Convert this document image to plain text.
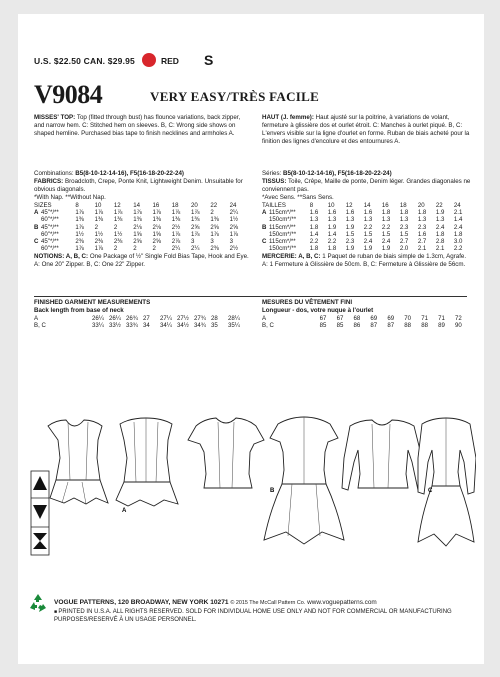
U.S. $22.50 CAN. $29.95	RED S
V9084	VERY EASY/TRÈS FACILE
MISSES' TOP: Top (fitted through bust) has flounce variations, back zipper, and narrow hem. C: Stitched hem on sleeves. B, C: Wrong side shows on shaped hemline. Purchased bias tape to finish necklines and armholes A.
HAUT (J. femme): Haut ajusté sur la poitrine, à variations de volant, fermeture à glissière dos et ourlet étroit. C: Manches à ourlet piqué. B, C: L'envers visible sur la ligne d'ourlet en forme. Ruban de biais acheté pour la finition des lignes d'encolure et des entournures A.
Combinations: B5(8-10-12-14-16), F5(16-18-20-22-24)
FABRICS: Broadcloth, Crepe, Ponte Knit, Lightweight Denim. Unsuitable for obvious diagonals.
*With Nap. **Without Nap.
SIZES	8	10	12	14	16	18	20	22	24
A 45"*/**	1⅞	1⅞	1⅞	1⅞	1⅞	1⅞	1⅞	2	2¼
60"*/**	1⅜	1⅜	1⅜	1⅜	1⅜	1⅜	1⅜	1⅜	1½
B 45"*/**	1⅞	2	2	2⅛	2⅛	2½	2⅝	2⅝	2⅝
60"*/**	1½	1½	1½	1⅝	1⅝	1⅞	1⅞	1⅞	1⅞
C 45"*/**	2⅜	2⅜	2⅜	2⅝	2⅝	2⅞	3	3	3
60"*/**	1⅞	1⅞	2	2	2	2¼	2¼	2⅜	2½
NOTIONS: A, B, C: One Package of ½" Single Fold Bias Tape, Hook and Eye. A: One 20" Zipper. B, C: One 22" Zipper.
Séries: B5(8-10-12-14-16), F5(16-18-20-22-24)
TISSUS: Toile, Crêpe, Maille de ponte, Denim léger. Grandes diagonales ne conviennent pas.
*Avec Sens. **Sans Sens.
TAILLES	8	10	12	14	16	18	20	22	24
A 115cm*/**	1.6	1.6	1.6	1.6	1.8	1.8	1.8	1.9	2.1
150cm*/**	1.3	1.3	1.3	1.3	1.3	1.3	1.3	1.3	1.4
B 115cm*/**	1.8	1.9	1.9	2.2	2.2	2.3	2.3	2.4	2.4
150cm*/**	1.4	1.4	1.5	1.5	1.5	1.5	1.6	1.8	1.8
C 115cm*/**	2.2	2.2	2.3	2.4	2.4	2.7	2.7	2.8	3.0
150cm*/**	1.8	1.8	1.9	1.9	1.9	2.0	2.1	2.1	2.2
MERCERIE: A, B, C: 1 Paquet de ruban de biais simple de 1.3cm, Agrafe. A: 1 Fermeture à Glissière de 50cm. B, C: Fermeture à Glissière de 56cm.
FINISHED GARMENT MEASUREMENTS
Back length from base of neck
A	26¼	26¼	26¾	27	27¼	27½	27¾	28	28¼
B, C	33¼	33½	33¾	34	34¼	34½	34¾	35	35¼
MESURES DU VÊTEMENT FINI
Longueur - dos, votre nuque à l'ourlet
A	67	67	68	69	69	70	71	71	72
B, C	85	85	86	87	87	88	88	89	90
A
B	C
VOGUE PATTERNS, 120 BROADWAY, NEW YORK 10271 © 2015 The McCall Pattern Co. www.voguepatterns.com
■ PRINTED IN U.S.A. ALL RIGHTS RESERVED. SOLD FOR INDIVIDUAL HOME USE ONLY AND NOT FOR COMMERCIAL OR MANUFACTURING PURPOSES/RESERVÉ À UN USAGE PERSONNEL.
